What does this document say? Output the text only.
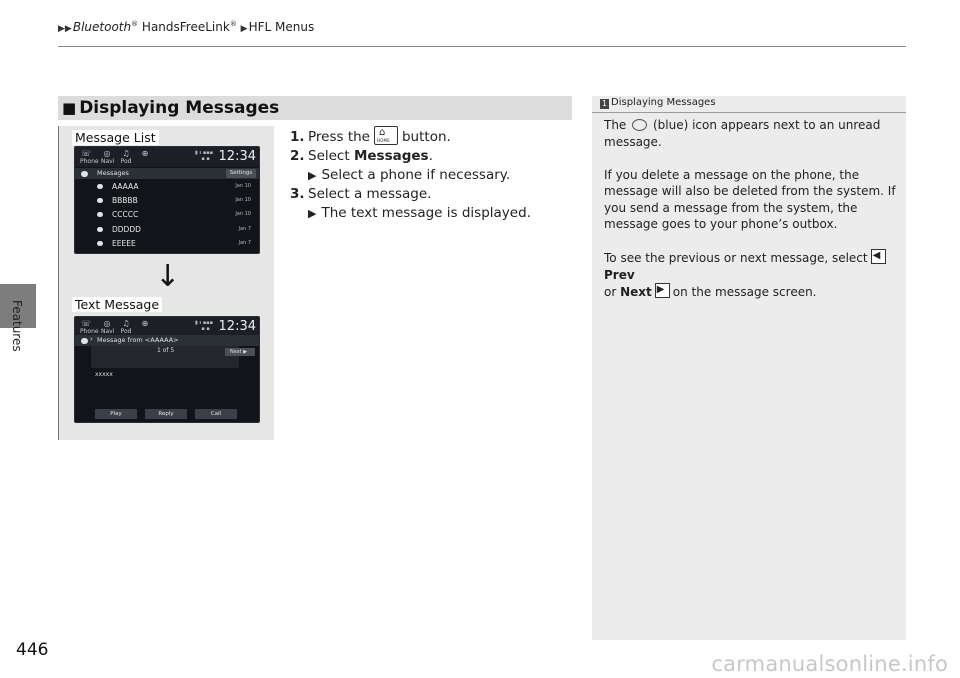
▶▶Bluetooth® HandsFreeLink® ▶HFL Menus
Features
446
■ Displaying Messages
Message List
☏
Phone
◎
Navi
♫
Pod
⊕	▮ ᵻ ▪▪▪
▪ ▪ 12:34
Messages	Settings
AAAAA	Jan 10
BBBBB	Jan 10
CCCCC	Jan 10
DDDDD	Jan 7
EEEEE	Jan 7
↓
Text Message
☏
Phone
◎
Navi
♫
Pod
⊕	▮ ᵻ ▪▪▪
▪ ▪ 12:34
› Message from <AAAAA>
Next ▶
1 of 5
xxxxx
Play	Reply	Call
1. Press the ⌂
HOME button.
2. Select Messages.
▶ Select a phone if necessary.
3. Select a message.
▶ The text message is displayed.
1 Displaying Messages

The (blue) icon appears next to an unread message.

If you delete a message on the phone, the message will also be deleted from the system. If you send a message from the system, the message goes to your phone’s outbox.

To see the previous or next message, select ◀
Prev
or Next ▶ on the message screen.

carmanualsonline.info
